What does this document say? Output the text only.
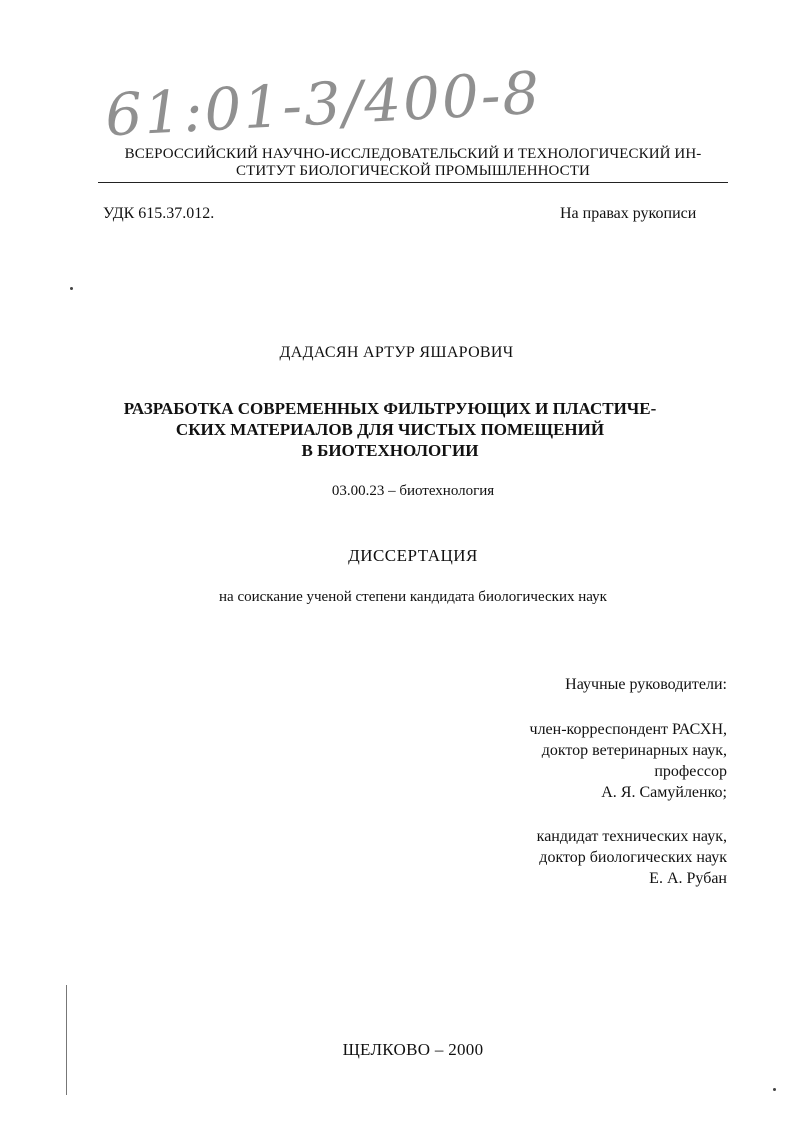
61:01-3/400-8
ВСЕРОССИЙСКИЙ НАУЧНО-ИССЛЕДОВАТЕЛЬСКИЙ И ТЕХНОЛОГИЧЕСКИЙ ИН-
СТИТУТ БИОЛОГИЧЕСКОЙ ПРОМЫШЛЕННОСТИ
УДК 615.37.012.	На правах рукописи
ДАДАСЯН АРТУР ЯШАРОВИЧ
РАЗРАБОТКА СОВРЕМЕННЫХ ФИЛЬТРУЮЩИХ И ПЛАСТИЧЕ-
СКИХ МАТЕРИАЛОВ ДЛЯ ЧИСТЫХ ПОМЕЩЕНИЙ
В БИОТЕХНОЛОГИИ
03.00.23 – биотехнология
ДИССЕРТАЦИЯ
на соискание ученой степени кандидата биологических наук
Научные руководители:
член-корреспондент РАСХН,
доктор ветеринарных наук,
профессор
А. Я. Самуйленко;
кандидат технических наук,
доктор биологических наук
Е. А. Рубан
ЩЕЛКОВО – 2000
